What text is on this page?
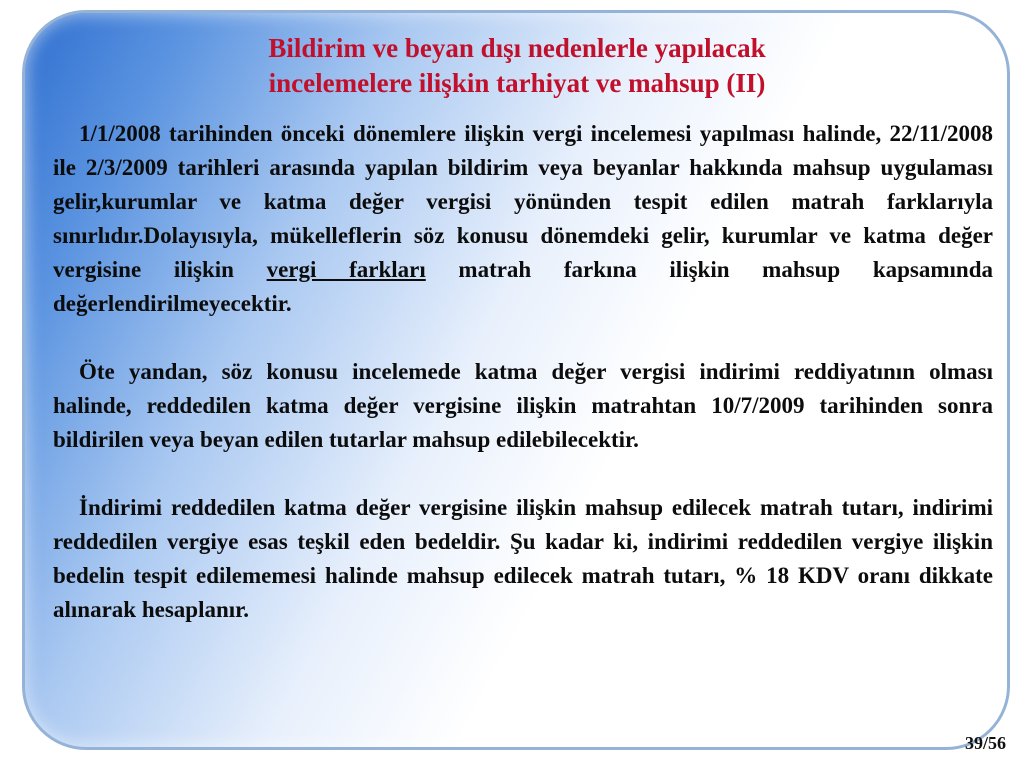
Bildirim ve beyan dışı nedenlerle yapılacak
incelemelere ilişkin tarhiyat ve mahsup (II)

1/1/2008 tarihinden önceki dönemlere ilişkin vergi incelemesi yapılması halinde, 22/11/2008 ile 2/3/2009 tarihleri arasında yapılan bildirim veya beyanlar hakkında mahsup uygulaması gelir,kurumlar ve katma değer vergisi yönünden tespit edilen matrah farklarıyla sınırlıdır.Dolayısıyla, mükelleflerin söz konusu dönemdeki gelir, kurumlar ve katma değer vergisine ilişkin vergi farkları matrah farkına ilişkin mahsup kapsamında değerlendirilmeyecektir.

Öte yandan, söz konusu incelemede katma değer vergisi indirimi reddiyatının olması halinde, reddedilen katma değer vergisine ilişkin matrahtan 10/7/2009 tarihinden sonra bildirilen veya beyan edilen tutarlar mahsup edilebilecektir.

İndirimi reddedilen katma değer vergisine ilişkin mahsup edilecek matrah tutarı, indirimi reddedilen vergiye esas teşkil eden bedeldir. Şu kadar ki, indirimi reddedilen vergiye ilişkin bedelin tespit edilememesi halinde mahsup edilecek matrah tutarı, % 18 KDV oranı dikkate alınarak hesaplanır.

39/56
